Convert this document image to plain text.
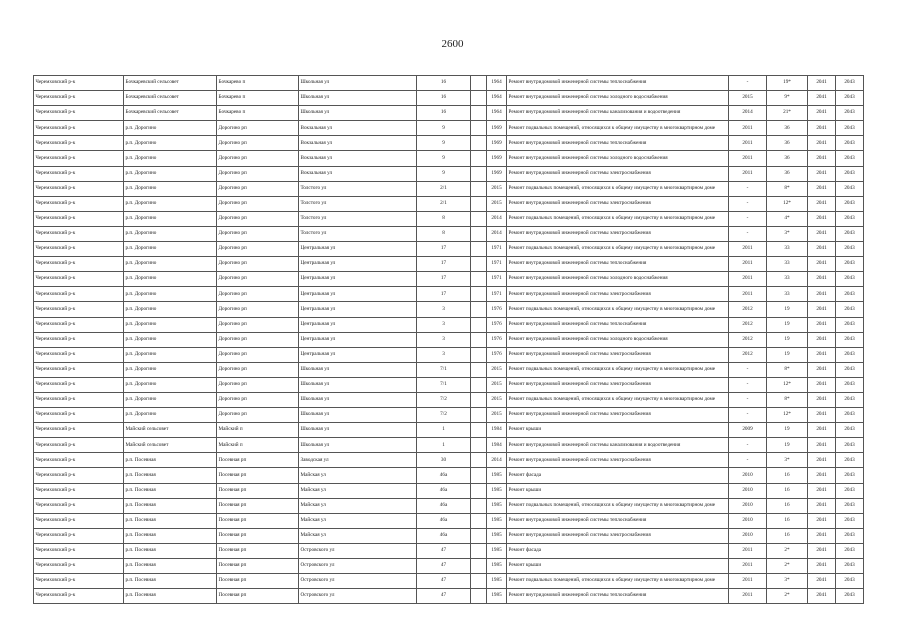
2600
Черемховский р-к	Бочкаревский сельсовет	Бочкарево п	Школьная ул	16		1964	Ремонт внутридомовой инженерной системы теплоснабжения	-	19*	2041	2043
Черемховский р-к	Бочкаревский сельсовет	Бочкарево п	Школьная ул	16		1964	Ремонт внутридомовой инженерной системы холодного водоснабжения	2015	9*	2041	2043
Черемховский р-к	Бочкаревский сельсовет	Бочкарево п	Школьная ул	16		1964	Ремонт внутридомовой инженерной системы канализования и водоотведения	2014	21*	2041	2043
Черемховский р-к	р.п. Дорогино	Дорогино рп	Вокзальная ул	9		1969	Ремонт подвальных помещений, относящихся к общему имуществу в многоквартирном доме	2011	36	2041	2043
Черемховский р-к	р.п. Дорогино	Дорогино рп	Вокзальная ул	9		1969	Ремонт внутридомовой инженерной системы теплоснабжения	2011	36	2041	2043
Черемховский р-к	р.п. Дорогино	Дорогино рп	Вокзальная ул	9		1969	Ремонт внутридомовой инженерной системы холодного водоснабжения	2011	36	2041	2043
Черемховский р-к	р.п. Дорогино	Дорогино рп	Вокзальная ул	9		1969	Ремонт внутридомовой инженерной системы электроснабжения	2011	36	2041	2043
Черемховский р-к	р.п. Дорогино	Дорогино рп	Толстого ул	2/1		2015	Ремонт подвальных помещений, относящихся к общему имуществу в многоквартирном доме	-	8*	2041	2043
Черемховский р-к	р.п. Дорогино	Дорогино рп	Толстого ул	2/1		2015	Ремонт внутридомовой инженерной системы электроснабжения	-	12*	2041	2043
Черемховский р-к	р.п. Дорогино	Дорогино рп	Толстого ул	8		2014	Ремонт подвальных помещений, относящихся к общему имуществу в многоквартирном доме	-	4*	2041	2043
Черемховский р-к	р.п. Дорогино	Дорогино рп	Толстого ул	8		2014	Ремонт внутридомовой инженерной системы электроснабжения	-	3*	2041	2043
Черемховский р-к	р.п. Дорогино	Дорогино рп	Центральная ул	17		1971	Ремонт подвальных помещений, относящихся к общему имуществу в многоквартирном доме	2011	33	2041	2043
Черемховский р-к	р.п. Дорогино	Дорогино рп	Центральная ул	17		1971	Ремонт внутридомовой инженерной системы теплоснабжения	2011	33	2041	2043
Черемховский р-к	р.п. Дорогино	Дорогино рп	Центральная ул	17		1971	Ремонт внутридомовой инженерной системы холодного водоснабжения	2011	33	2041	2043
Черемховский р-к	р.п. Дорогино	Дорогино рп	Центральная ул	17		1971	Ремонт внутридомовой инженерной системы электроснабжения	2011	33	2041	2043
Черемховский р-к	р.п. Дорогино	Дорогино рп	Центральная ул	3		1976	Ремонт подвальных помещений, относящихся к общему имуществу в многоквартирном доме	2012	19	2041	2043
Черемховский р-к	р.п. Дорогино	Дорогино рп	Центральная ул	3		1976	Ремонт внутридомовой инженерной системы теплоснабжения	2012	19	2041	2043
Черемховский р-к	р.п. Дорогино	Дорогино рп	Центральная ул	3		1976	Ремонт внутридомовой инженерной системы холодного водоснабжения	2012	19	2041	2043
Черемховский р-к	р.п. Дорогино	Дорогино рп	Центральная ул	3		1976	Ремонт внутридомовой инженерной системы электроснабжения	2012	19	2041	2043
Черемховский р-к	р.п. Дорогино	Дорогино рп	Школьная ул	7/1		2015	Ремонт подвальных помещений, относящихся к общему имуществу в многоквартирном доме	-	8*	2041	2043
Черемховский р-к	р.п. Дорогино	Дорогино рп	Школьная ул	7/1		2015	Ремонт внутридомовой инженерной системы электроснабжения	-	12*	2041	2043
Черемховский р-к	р.п. Дорогино	Дорогино рп	Школьная ул	7/2		2015	Ремонт подвальных помещений, относящихся к общему имуществу в многоквартирном доме	-	8*	2041	2043
Черемховский р-к	р.п. Дорогино	Дорогино рп	Школьная ул	7/2		2015	Ремонт внутридомовой инженерной системы электроснабжения	-	12*	2041	2043
Черемховский р-к	Майский сельсовет	Майский п	Школьная ул	1		1984	Ремонт крыши	2009	19	2041	2043
Черемховский р-к	Майский сельсовет	Майский п	Школьная ул	1		1984	Ремонт внутридомовой инженерной системы канализования и водоотведения	-	19	2041	2043
Черемховский р-к	р.п. Посевная	Посевная рп	Заводская ул	30		2014	Ремонт внутридомовой инженерной системы электроснабжения	-	3*	2041	2043
Черемховский р-к	р.п. Посевная	Посевная рп	Майская ул	46а		1985	Ремонт фасада	2010	16	2041	2043
Черемховский р-к	р.п. Посевная	Посевная рп	Майская ул	46а		1985	Ремонт крыши	2010	16	2041	2043
Черемховский р-к	р.п. Посевная	Посевная рп	Майская ул	46а		1985	Ремонт подвальных помещений, относящихся к общему имуществу в многоквартирном доме	2010	16	2041	2043
Черемховский р-к	р.п. Посевная	Посевная рп	Майская ул	46а		1985	Ремонт внутридомовой инженерной системы теплоснабжения	2010	16	2041	2043
Черемховский р-к	р.п. Посевная	Посевная рп	Майская ул	46а		1985	Ремонт внутридомовой инженерной системы электроснабжения	2010	16	2041	2043
Черемховский р-к	р.п. Посевная	Посевная рп	Островского ул	47		1985	Ремонт фасада	2011	2*	2041	2043
Черемховский р-к	р.п. Посевная	Посевная рп	Островского ул	47		1985	Ремонт крыши	2011	2*	2041	2043
Черемховский р-к	р.п. Посевная	Посевная рп	Островского ул	47		1985	Ремонт подвальных помещений, относящихся к общему имуществу в многоквартирном доме	2011	3*	2041	2043
Черемховский р-к	р.п. Посевная	Посевная рп	Островского ул	47		1985	Ремонт внутридомовой инженерной системы теплоснабжения	2011	2*	2041	2043
